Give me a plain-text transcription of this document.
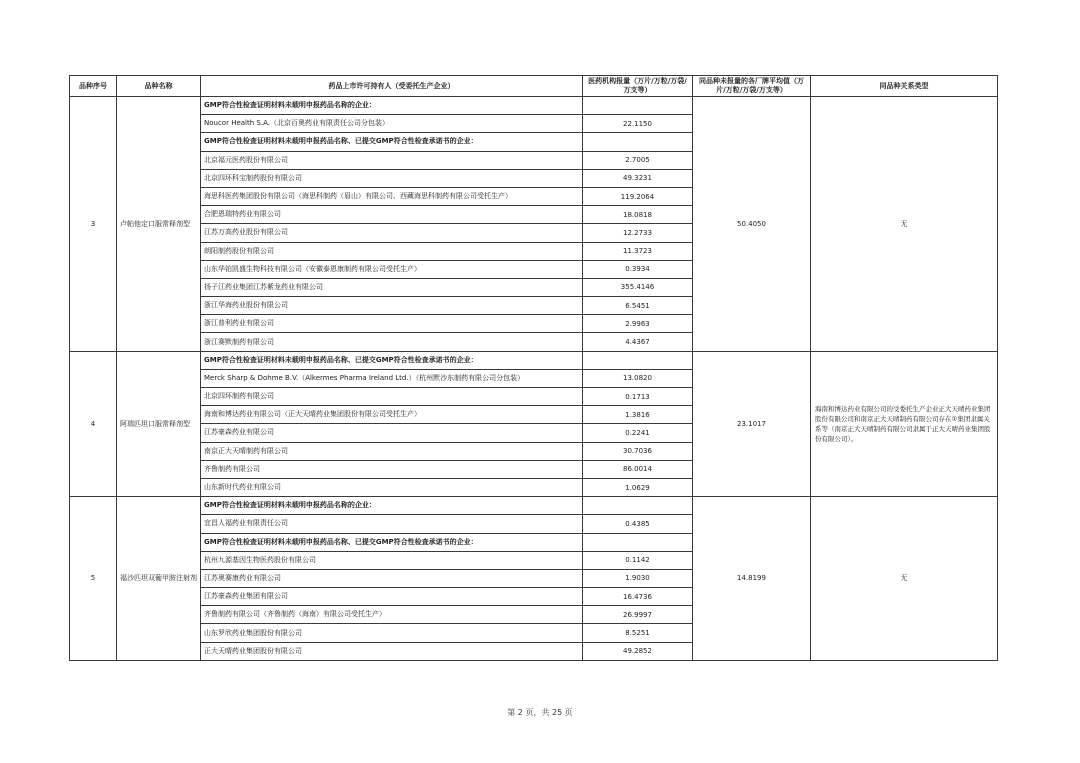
品种序号	品种名称	药品上市许可持有人（受委托生产企业）	医药机构报量（万片/万粒/万袋/万支等）	同品种未报量的各厂牌平均值（万片/万粒/万袋/万支等）	同品种关系类型
3	卢帕他定口服常释剂型	GMP符合性检查证明材料未载明申报药品名称的企业：		50.4050	无
		Noucor Health S.A.（北京百奥药业有限责任公司分包装）	22.1150		
		GMP符合性检查证明材料未载明申报药品名称、已提交GMP符合性检查承诺书的企业：			
		北京福元医药股份有限公司	2.7005		
		北京四环科宝制药股份有限公司	49.3231		
		海思科医药集团股份有限公司（海思科制药（眉山）有限公司、西藏海思科制药有限公司受托生产）	119.2064		
		合肥恩瑞特药业有限公司	18.0818		
		江苏万高药业股份有限公司	12.2733		
		朗阳制药股份有限公司	11.3723		
		山东华铂凯盛生物科技有限公司（安徽泰恩康制药有限公司受托生产）	0.3934		
		扬子江药业集团江苏紫龙药业有限公司	355.4146		
		浙江华海药业股份有限公司	6.5451		
		浙江普利药业有限公司	2.9963		
		浙江赛默制药有限公司	4.4367		
4	阿瑞匹坦口服常释剂型	GMP符合性检查证明材料未载明申报药品名称、已提交GMP符合性检查承诺书的企业：		23.1017	海南和博达药业有限公司的受委托生产企业正大天晴药业集团股份有限公司和南京正大天晴制药有限公司存在①集团隶属关系等（南京正大天晴制药有限公司隶属于正大天晴药业集团股份有限公司）。
		Merck Sharp & Dohme B.V.（Alkermes Pharma Ireland Ltd.）（杭州默沙东制药有限公司分包装）	13.0820		
		北京四环制药有限公司	0.1713		
		海南和博达药业有限公司（正大天晴药业集团股份有限公司受托生产）	1.3816		
		江苏豪森药业有限公司	0.2241		
		南京正大天晴制药有限公司	30.7036		
		齐鲁制药有限公司	86.0014		
		山东新时代药业有限公司	1.0629		
5	福沙匹坦双葡甲胺注射剂	GMP符合性检查证明材料未载明申报药品名称的企业：		14.8199	无
		宜昌人福药业有限责任公司	0.4385		
		GMP符合性检查证明材料未载明申报药品名称、已提交GMP符合性检查承诺书的企业：			
		杭州九源基因生物医药股份有限公司	0.1142		
		江苏奥赛康药业有限公司	1.9030		
		江苏豪森药业集团有限公司	16.4736		
		齐鲁制药有限公司（齐鲁制药（海南）有限公司受托生产）	26.9997		
		山东罗欣药业集团股份有限公司	8.5251		
		正大天晴药业集团股份有限公司	49.2852		
第 2 页，共 25 页
